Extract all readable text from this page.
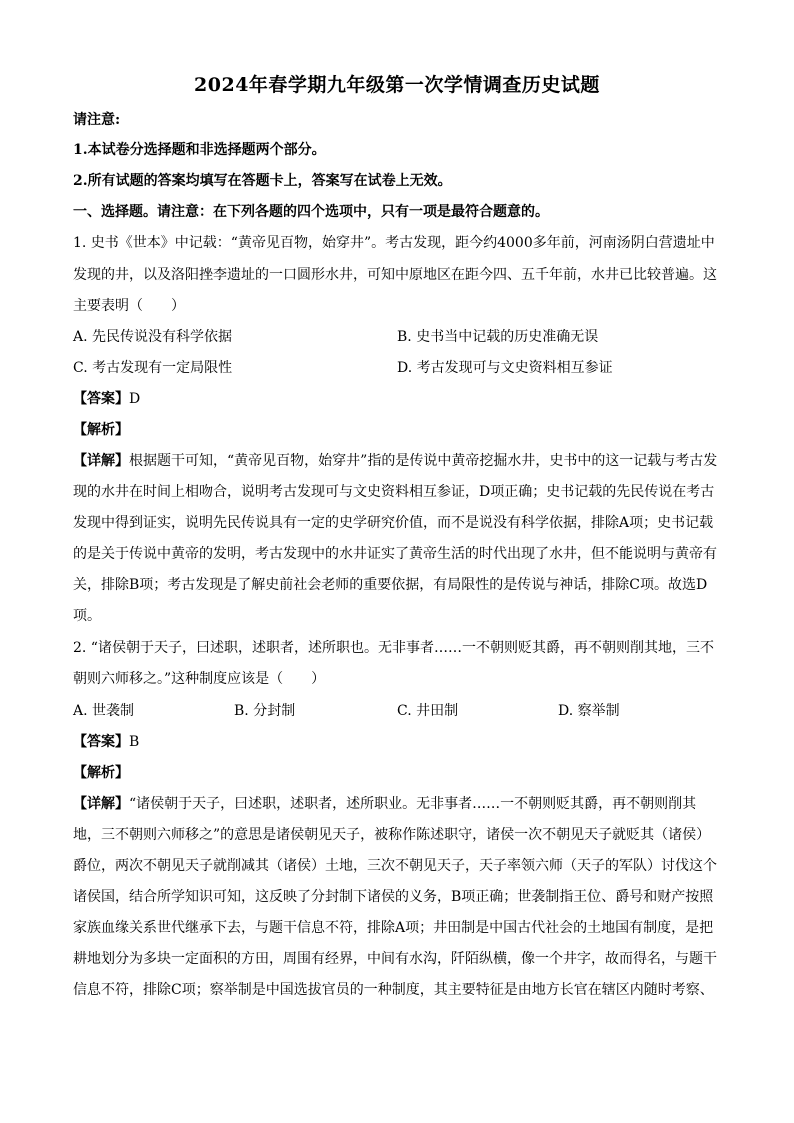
2024年春学期九年级第一次学情调查历史试题
请注意:
1.本试卷分选择题和非选择题两个部分。
2.所有试题的答案均填写在答题卡上，答案写在试卷上无效。
一、选择题。请注意：在下列各题的四个选项中，只有一项是最符合题意的。
1. 史书《世本》中记载：“黄帝见百物，始穿井”。考古发现，距今约4000多年前，河南汤阴白营遗址中
发现的井，以及洛阳挫李遗址的一口圆形水井，可知中原地区在距今四、五千年前，水井已比较普遍。这
主要表明（　　）
A. 先民传说没有科学依据	B. 史书当中记载的历史准确无误
C. 考古发现有一定局限性	D. 考古发现可与文史资料相互参证
【答案】D
【解析】
【详解】根据题干可知，“黄帝见百物，始穿井”指的是传说中黄帝挖掘水井，史书中的这一记载与考古发
现的水井在时间上相吻合，说明考古发现可与文史资料相互参证，D项正确；史书记载的先民传说在考古
发现中得到证实，说明先民传说具有一定的史学研究价值，而不是说没有科学依据，排除A项；史书记载
的是关于传说中黄帝的发明，考古发现中的水井证实了黄帝生活的时代出现了水井，但不能说明与黄帝有
关，排除B项；考古发现是了解史前社会老师的重要依据，有局限性的是传说与神话，排除C项。故选D
项。
2. “诸侯朝于天子，曰述职，述职者，述所职也。无非事者……一不朝则贬其爵，再不朝则削其地，三不
朝则六师移之。”这种制度应该是（　　）
A. 世袭制	B. 分封制	C. 井田制	D. 察举制
【答案】B
【解析】
【详解】“诸侯朝于天子，曰述职，述职者，述所职业。无非事者……一不朝则贬其爵，再不朝则削其
地，三不朝则六师移之”的意思是诸侯朝见天子，被称作陈述职守，诸侯一次不朝见天子就贬其（诸侯）
爵位，两次不朝见天子就削减其（诸侯）土地，三次不朝见天子，天子率领六师（天子的军队）讨伐这个
诸侯国，结合所学知识可知，这反映了分封制下诸侯的义务，B项正确；世袭制指王位、爵号和财产按照
家族血缘关系世代继承下去，与题干信息不符，排除A项；井田制是中国古代社会的土地国有制度，是把
耕地划分为多块一定面积的方田，周围有经界，中间有水沟，阡陌纵横，像一个井字，故而得名，与题干
信息不符，排除C项；察举制是中国选拔官员的一种制度，其主要特征是由地方长官在辖区内随时考察、
